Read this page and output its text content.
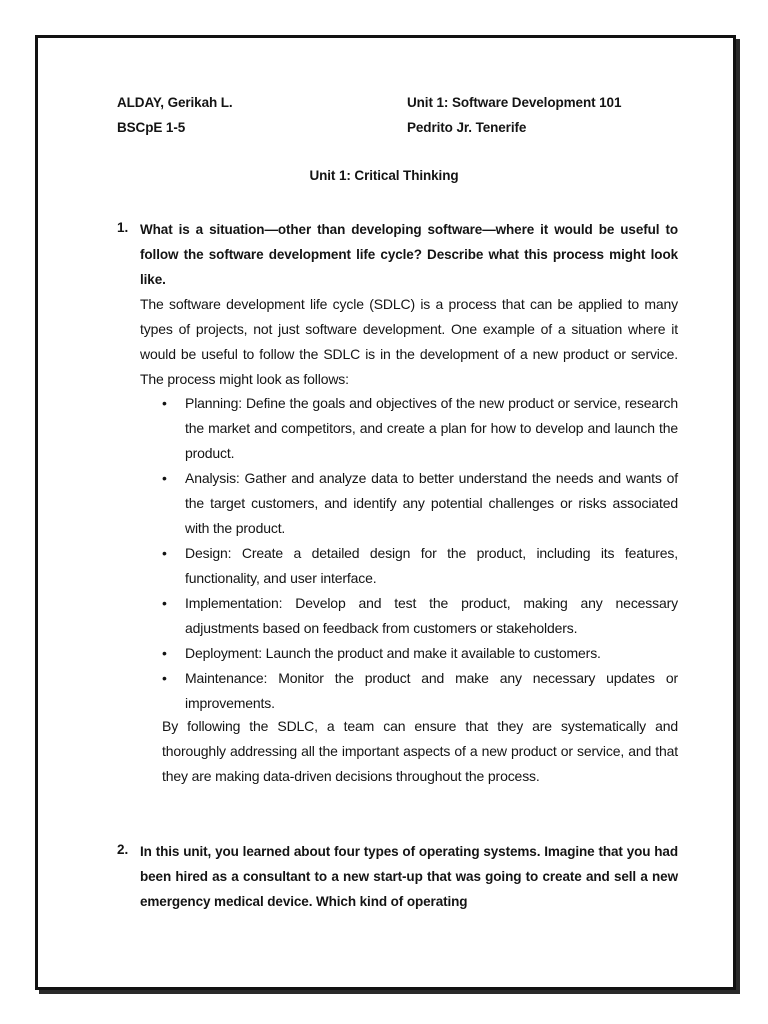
ALDAY, Gerikah L.
BSCpE 1-5
Unit 1: Software Development 101
Pedrito Jr. Tenerife
Unit 1: Critical Thinking
1. What is a situation—other than developing software—where it would be useful to follow the software development life cycle? Describe what this process might look like.
The software development life cycle (SDLC) is a process that can be applied to many types of projects, not just software development. One example of a situation where it would be useful to follow the SDLC is in the development of a new product or service. The process might look as follows:
• Planning: Define the goals and objectives of the new product or service, research the market and competitors, and create a plan for how to develop and launch the product.
• Analysis: Gather and analyze data to better understand the needs and wants of the target customers, and identify any potential challenges or risks associated with the product.
• Design: Create a detailed design for the product, including its features, functionality, and user interface.
• Implementation: Develop and test the product, making any necessary adjustments based on feedback from customers or stakeholders.
• Deployment: Launch the product and make it available to customers.
• Maintenance: Monitor the product and make any necessary updates or improvements.
By following the SDLC, a team can ensure that they are systematically and thoroughly addressing all the important aspects of a new product or service, and that they are making data-driven decisions throughout the process.
2. In this unit, you learned about four types of operating systems. Imagine that you had been hired as a consultant to a new start-up that was going to create and sell a new emergency medical device. Which kind of operating
